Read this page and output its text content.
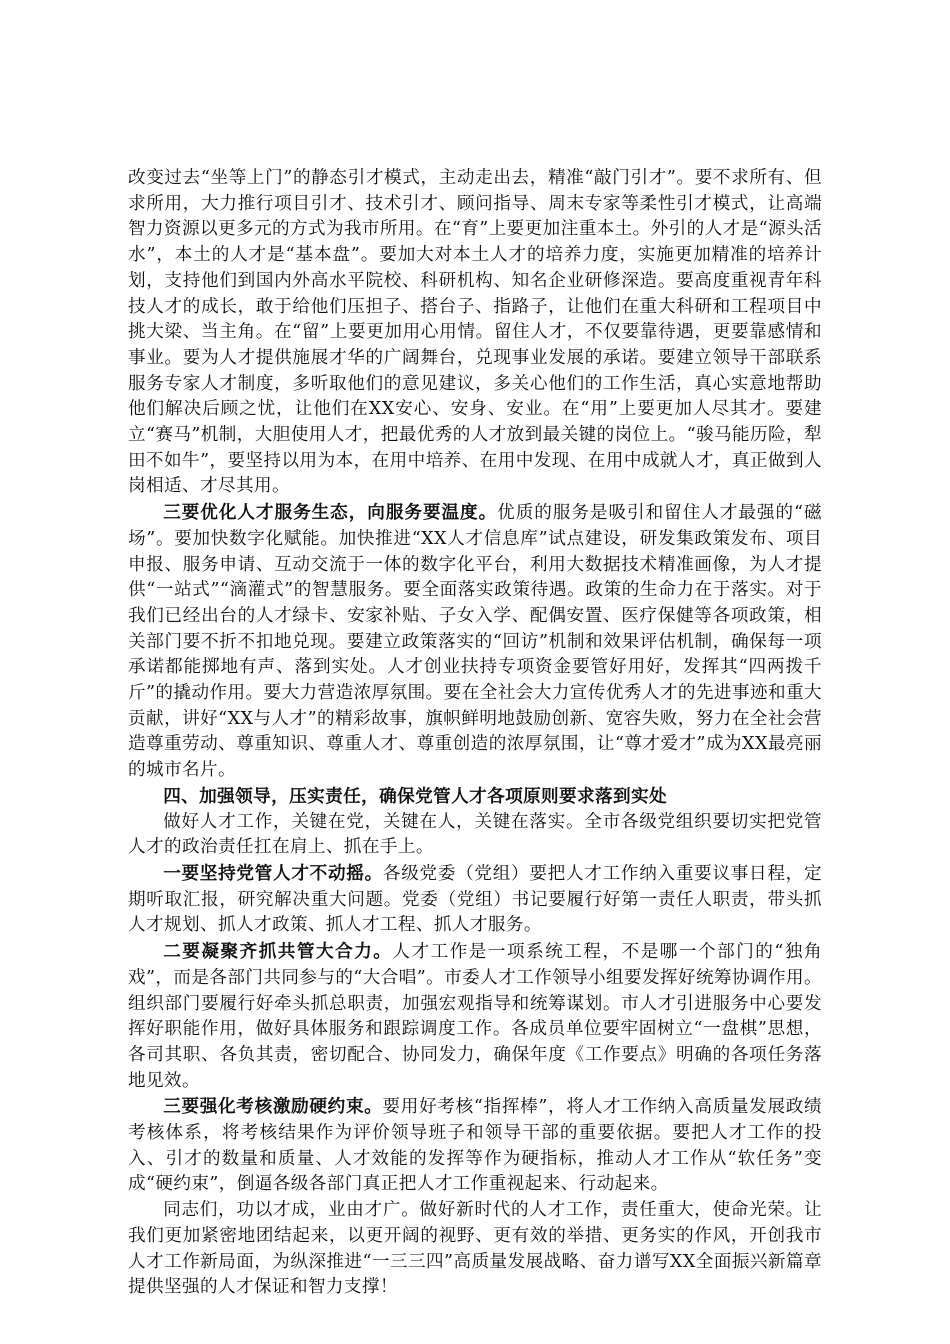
改变过去“坐等上门”的静态引才模式，主动走出去，精准“敲门引才”。要不求所有、但求所用，大力推行项目引才、技术引才、顾问指导、周末专家等柔性引才模式，让高端智力资源以更多元的方式为我市所用。在“育”上要更加注重本土。外引的人才是“源头活水”，本土的人才是“基本盘”。要加大对本土人才的培养力度，实施更加精准的培养计划，支持他们到国内外高水平院校、科研机构、知名企业研修深造。要高度重视青年科技人才的成长，敢于给他们压担子、搭台子、指路子，让他们在重大科研和工程项目中挑大梁、当主角。在“留”上要更加用心用情。留住人才，不仅要靠待遇，更要靠感情和事业。要为人才提供施展才华的广阔舞台，兑现事业发展的承诺。要建立领导干部联系服务专家人才制度，多听取他们的意见建议，多关心他们的工作生活，真心实意地帮助他们解决后顾之忧，让他们在XX安心、安身、安业。在“用”上要更加人尽其才。要建立“赛马”机制，大胆使用人才，把最优秀的人才放到最关键的岗位上。“骏马能历险，犁田不如牛”，要坚持以用为本，在用中培养、在用中发现、在用中成就人才，真正做到人岗相适、才尽其用。

三要优化人才服务生态，向服务要温度。优质的服务是吸引和留住人才最强的“磁场”。要加快数字化赋能。加快推进“XX人才信息库”试点建设，研发集政策发布、项目申报、服务申请、互动交流于一体的数字化平台，利用大数据技术精准画像，为人才提供“一站式”“滴灌式”的智慧服务。要全面落实政策待遇。政策的生命力在于落实。对于我们已经出台的人才绿卡、安家补贴、子女入学、配偶安置、医疗保健等各项政策，相关部门要不折不扣地兑现。要建立政策落实的“回访”机制和效果评估机制，确保每一项承诺都能掷地有声、落到实处。人才创业扶持专项资金要管好用好，发挥其“四两拨千斤”的撬动作用。要大力营造浓厚氛围。要在全社会大力宣传优秀人才的先进事迹和重大贡献，讲好“XX与人才”的精彩故事，旗帜鲜明地鼓励创新、宽容失败，努力在全社会营造尊重劳动、尊重知识、尊重人才、尊重创造的浓厚氛围，让“尊才爱才”成为XX最亮丽的城市名片。

四、加强领导，压实责任，确保党管人才各项原则要求落到实处

做好人才工作，关键在党，关键在人，关键在落实。全市各级党组织要切实把党管人才的政治责任扛在肩上、抓在手上。

一要坚持党管人才不动摇。各级党委（党组）要把人才工作纳入重要议事日程，定期听取汇报，研究解决重大问题。党委（党组）书记要履行好第一责任人职责，带头抓人才规划、抓人才政策、抓人才工程、抓人才服务。

二要凝聚齐抓共管大合力。人才工作是一项系统工程，不是哪一个部门的“独角戏”，而是各部门共同参与的“大合唱”。市委人才工作领导小组要发挥好统筹协调作用。组织部门要履行好牵头抓总职责，加强宏观指导和统筹谋划。市人才引进服务中心要发挥好职能作用，做好具体服务和跟踪调度工作。各成员单位要牢固树立“一盘棋”思想，各司其职、各负其责，密切配合、协同发力，确保年度《工作要点》明确的各项任务落地见效。

三要强化考核激励硬约束。要用好考核“指挥棒”，将人才工作纳入高质量发展政绩考核体系，将考核结果作为评价领导班子和领导干部的重要依据。要把人才工作的投入、引才的数量和质量、人才效能的发挥等作为硬指标，推动人才工作从“软任务”变成“硬约束”，倒逼各级各部门真正把人才工作重视起来、行动起来。

同志们，功以才成，业由才广。做好新时代的人才工作，责任重大，使命光荣。让我们更加紧密地团结起来，以更开阔的视野、更有效的举措、更务实的作风，开创我市人才工作新局面，为纵深推进“一三三四”高质量发展战略、奋力谱写XX全面振兴新篇章提供坚强的人才保证和智力支撑！
